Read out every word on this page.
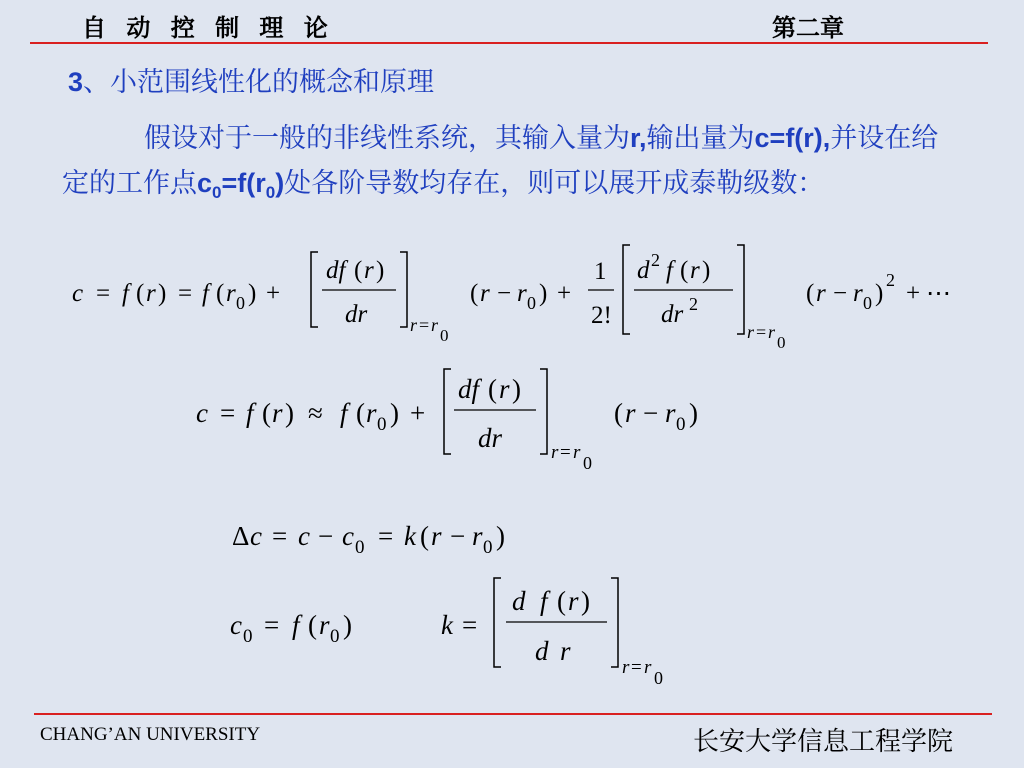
自 动 控 制 理 论	第二章
3、小范围线性化的概念和原理
假设对于一般的非线性系统，其输入量为r,输出量为c=f(r),并设在给定的工作点$c_0=f(r_0)$处各阶导数均存在，则可以展开成泰勒级数：
c = f ( r ) = f ( r 0 ) +
df ( r )
dr r = r
0
( r − r 0 ) +
1
2!
d 2 f ( r )
dr 2
r = r
0
( r − r 0 ) 2 + ⋯
c = f ( r ) ≈ f ( r 0 ) +
df ( r )
dr	r = r 0
( r − r 0 )
Δ c = c − c 0 = k ( r − r 0 )
c 0 = f ( r 0 )	k =
d f ( r )
d r
r = r 0
CHANG’AN UNIVERSITY	长安大学信息工程学院
